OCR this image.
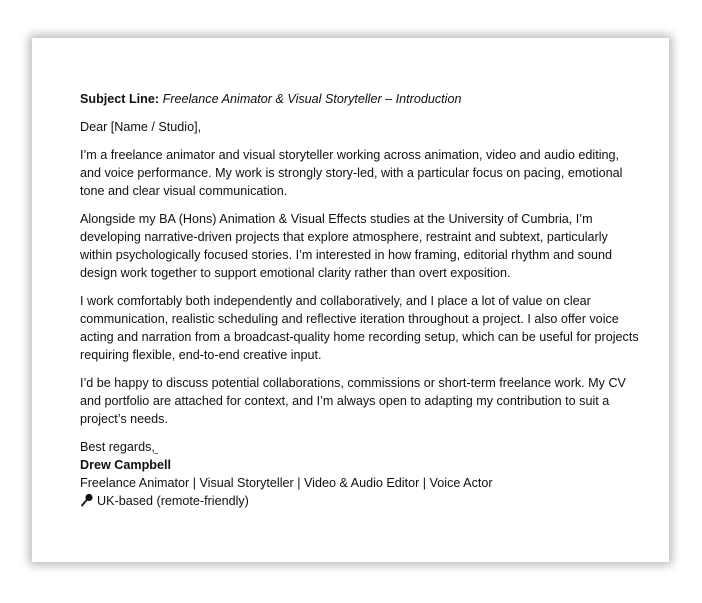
Subject Line: Freelance Animator & Visual Storyteller – Introduction

Dear [Name / Studio],

I’m a freelance animator and visual storyteller working across animation, video and audio editing, and voice performance. My work is strongly story-led, with a particular focus on pacing, emotional tone and clear visual communication.

Alongside my BA (Hons) Animation & Visual Effects studies at the University of Cumbria, I’m developing narrative-driven projects that explore atmosphere, restraint and subtext, particularly within psychologically focused stories. I’m interested in how framing, editorial rhythm and sound design work together to support emotional clarity rather than overt exposition.

I work comfortably both independently and collaboratively, and I place a lot of value on clear communication, realistic scheduling and reflective iteration throughout a project. I also offer voice acting and narration from a broadcast-quality home recording setup, which can be useful for projects requiring flexible, end-to-end creative input.

I’d be happy to discuss potential collaborations, commissions or short-term freelance work. My CV and portfolio are attached for context, and I’m always open to adapting my contribution to suit a project’s needs.

Best regards,
Drew Campbell
Freelance Animator | Visual Storyteller | Video & Audio Editor | Voice Actor
UK-based (remote-friendly)
